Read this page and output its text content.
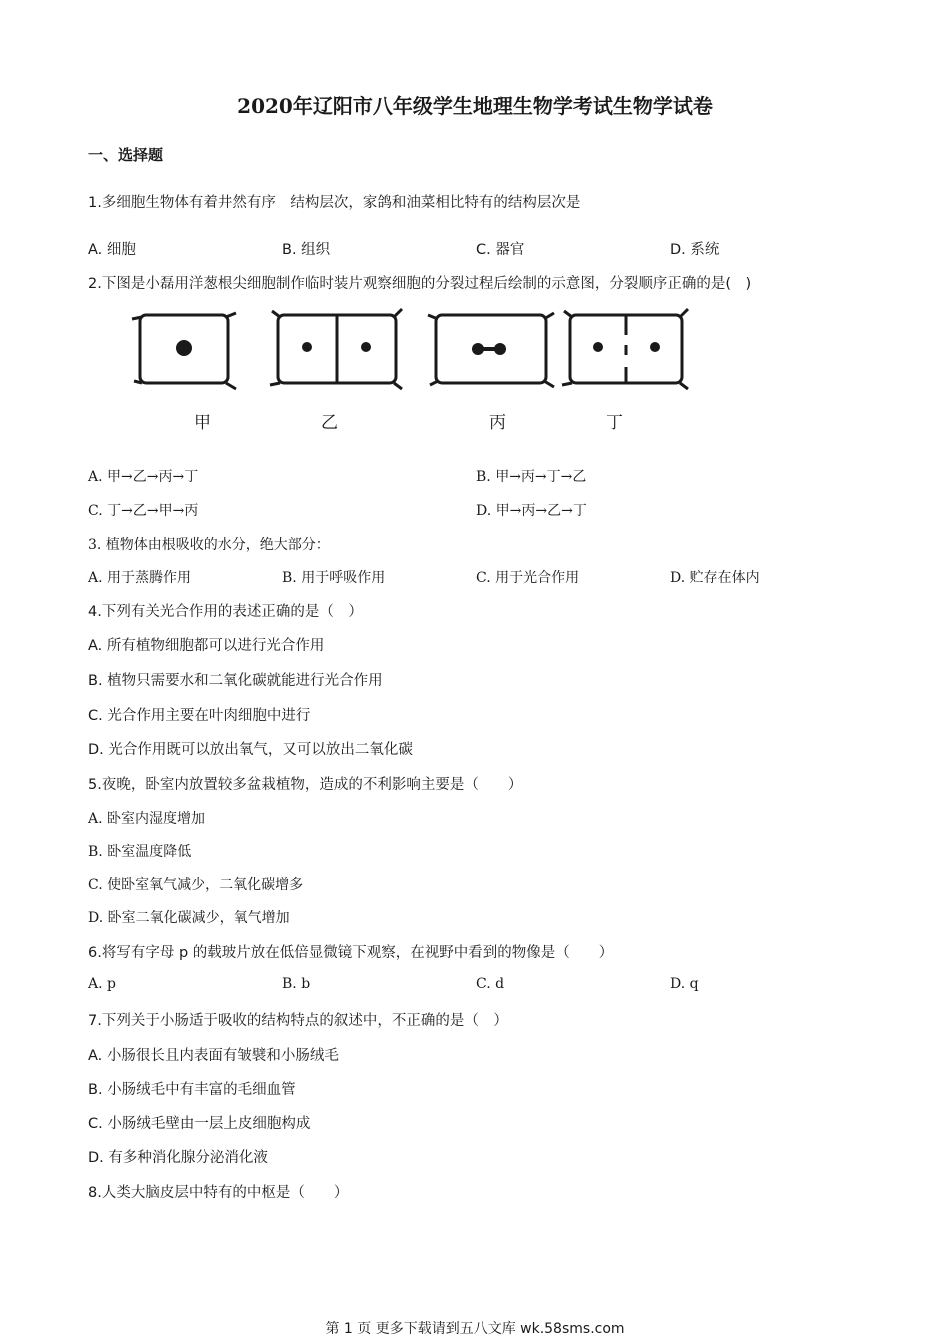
2020年辽阳市八年级学生地理生物学考试生物学试卷
一、选择题
1.多细胞生物体有着井然有序　结构层次，家鸽和油菜相比特有的结构层次是
A. 细胞	B. 组织	C. 器官	D. 系统
2.下图是小磊用洋葱根尖细胞制作临时装片观察细胞的分裂过程后绘制的示意图，分裂顺序正确的是(　)
甲	乙	丙	丁
A. 甲→乙→丙→丁	B. 甲→丙→丁→乙
C. 丁→乙→甲→丙	D. 甲→丙→乙→丁
3. 植物体由根吸收的水分，绝大部分：
A. 用于蒸腾作用	B. 用于呼吸作用	C. 用于光合作用	D. 贮存在体内
4.下列有关光合作用的表述正确的是（　）
A. 所有植物细胞都可以进行光合作用
B. 植物只需要水和二氧化碳就能进行光合作用
C. 光合作用主要在叶肉细胞中进行
D. 光合作用既可以放出氧气，又可以放出二氧化碳
5.夜晚，卧室内放置较多盆栽植物，造成的不利影响主要是（　　）
A. 卧室内湿度增加
B. 卧室温度降低
C. 使卧室氧气减少，二氧化碳增多
D. 卧室二氧化碳减少，氧气增加
6.将写有字母 p 的载玻片放在低倍显微镜下观察，在视野中看到的物像是（　　）
A. p	B. b	C. d	D. q
7.下列关于小肠适于吸收的结构特点的叙述中，不正确的是（　）
A. 小肠很长且内表面有皱襞和小肠绒毛
B. 小肠绒毛中有丰富的毛细血管
C. 小肠绒毛壁由一层上皮细胞构成
D. 有多种消化腺分泌消化液
8.人类大脑皮层中特有的中枢是（　　）
第 1 页 更多下载请到五八文库 wk.58sms.com
